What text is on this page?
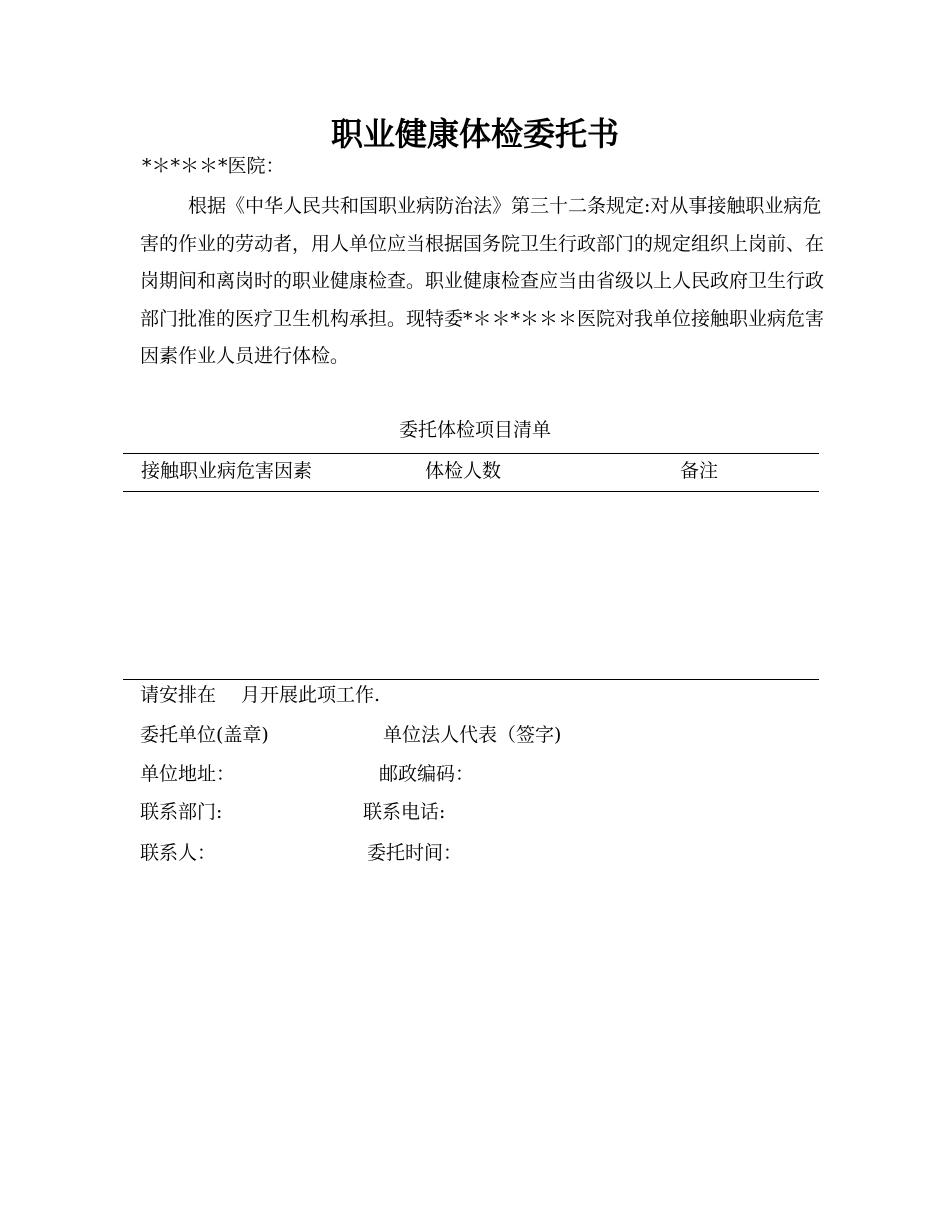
职业健康体检委托书
*＊*＊＊*医院：

根据《中华人民共和国职业病防治法》第三十二条规定:对从事接触职业病危害的作业的劳动者，用人单位应当根据国务院卫生行政部门的规定组织上岗前、在岗期间和离岗时的职业健康检查。职业健康检查应当由省级以上人民政府卫生行政部门批准的医疗卫生机构承担。现特委*＊＊*＊＊＊医院对我单位接触职业病危害因素作业人员进行体检。

委托体检项目清单
接触职业病危害因素	体检人数	备注
请安排在　 月开展此项工作.
委托单位(盖章)	单位法人代表（签字)
单位地址：	邮政编码：
联系部门:	联系电话:
联系人：	委托时间：
